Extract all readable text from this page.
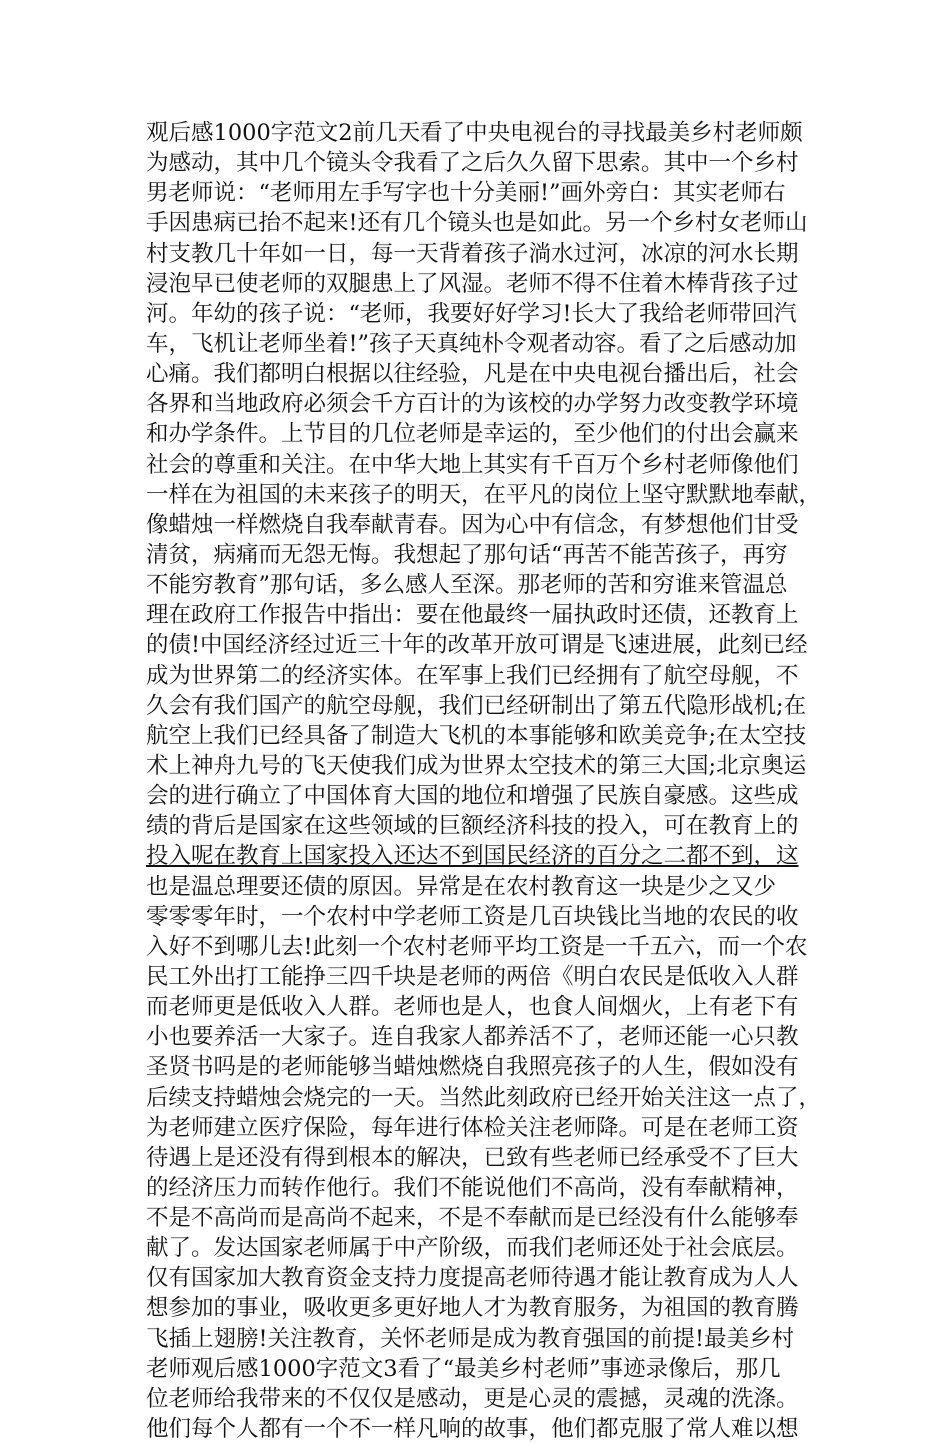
观后感1000字范文2前几天看了中央电视台的寻找最美乡村老师颇
为感动，其中几个镜头令我看了之后久久留下思索。其中一个乡村
男老师说：“老师用左手写字也十分美丽!”画外旁白：其实老师右
手因患病已抬不起来!还有几个镜头也是如此。另一个乡村女老师山
村支教几十年如一日，每一天背着孩子淌水过河，冰凉的河水长期
浸泡早已使老师的双腿患上了风湿。老师不得不住着木棒背孩子过
河。年幼的孩子说：“老师，我要好好学习!长大了我给老师带回汽
车，飞机让老师坐着!”孩子天真纯朴令观者动容。看了之后感动加
心痛。我们都明白根据以往经验，凡是在中央电视台播出后，社会
各界和当地政府必须会千方百计的为该校的办学努力改变教学环境
和办学条件。上节目的几位老师是幸运的，至少他们的付出会赢来
社会的尊重和关注。在中华大地上其实有千百万个乡村老师像他们
一样在为祖国的未来孩子的明天，在平凡的岗位上坚守默默地奉献，
像蜡烛一样燃烧自我奉献青春。因为心中有信念，有梦想他们甘受
清贫，病痛而无怨无悔。我想起了那句话“再苦不能苦孩子，再穷
不能穷教育”那句话，多么感人至深。那老师的苦和穷谁来管温总
理在政府工作报告中指出：要在他最终一届执政时还债，还教育上
的债!中国经济经过近三十年的改革开放可谓是飞速进展，此刻已经
成为世界第二的经济实体。在军事上我们已经拥有了航空母舰，不
久会有我们国产的航空母舰，我们已经研制出了第五代隐形战机;在
航空上我们已经具备了制造大飞机的本事能够和欧美竞争;在太空技
术上神舟九号的飞天使我们成为世界太空技术的第三大国;北京奥运
会的进行确立了中国体育大国的地位和增强了民族自豪感。这些成
绩的背后是国家在这些领域的巨额经济科技的投入，可在教育上的
投入呢在教育上国家投入还达不到国民经济的百分之二都不到，这
也是温总理要还债的原因。异常是在农村教育这一块是少之又少
零零零年时，一个农村中学老师工资是几百块钱比当地的农民的收
入好不到哪儿去!此刻一个农村老师平均工资是一千五六，而一个农
民工外出打工能挣三四千块是老师的两倍《明白农民是低收入人群
而老师更是低收入人群。老师也是人，也食人间烟火，上有老下有
小也要养活一大家子。连自我家人都养活不了，老师还能一心只教
圣贤书吗是的老师能够当蜡烛燃烧自我照亮孩子的人生，假如没有
后续支持蜡烛会烧完的一天。当然此刻政府已经开始关注这一点了，
为老师建立医疗保险，每年进行体检关注老师降。可是在老师工资
待遇上是还没有得到根本的解决，已致有些老师已经承受不了巨大
的经济压力而转作他行。我们不能说他们不高尚，没有奉献精神，
不是不高尚而是高尚不起来，不是不奉献而是已经没有什么能够奉
献了。发达国家老师属于中产阶级，而我们老师还处于社会底层。
仅有国家加大教育资金支持力度提高老师待遇才能让教育成为人人
想参加的事业，吸收更多更好地人才为教育服务，为祖国的教育腾
飞插上翅膀!关注教育，关怀老师是成为教育强国的前提!最美乡村
老师观后感1000字范文3看了“最美乡村老师”事迹录像后，那几
位老师给我带来的不仅仅是感动，更是心灵的震撼，灵魂的洗涤。
他们每个人都有一个不一样凡响的故事，他们都克服了常人难以想
